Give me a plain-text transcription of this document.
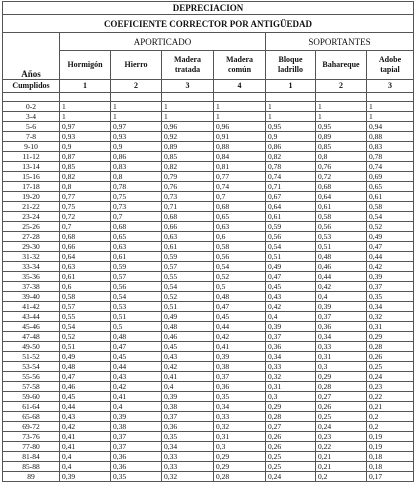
DEPRECIACION							
COEFICIENTE CORRECTOR POR ANTIGÜEDAD							
Años	APORTICADO				SOPORTANTES		
	Hormigón	Hierro	Madera tratada	Madera común	Bloque ladrillo	Bahareque	Adobe tapial
Cumplidos	1	2	3	4	1	2	3

0-2	1	1	1	1	1	1	1
3-4	1	1	1	1	1	1	1
5-6	0,97	0,97	0,96	0,96	0,95	0,95	0,94
7-8	0,93	0,93	0,92	0,91	0,9	0,89	0,88
9-10	0,9	0,9	0,89	0,88	0,86	0,85	0,83
11-12	0,87	0,86	0,85	0,84	0,82	0,8	0,78
13-14	0,85	0,83	0,82	0,81	0,78	0,76	0,74
15-16	0,82	0,8	0,79	0,77	0,74	0,72	0,69
17-18	0,8	0,78	0,76	0,74	0,71	0,68	0,65
19-20	0,77	0,75	0,73	0,7	0,67	0,64	0,61
21-22	0,75	0,73	0,71	0,68	0,64	0,61	0,58
23-24	0,72	0,7	0,68	0,65	0,61	0,58	0,54
25-26	0,7	0,68	0,66	0,63	0,59	0,56	0,52
27-28	0,68	0,65	0,63	0,6	0,56	0,53	0,49
29-30	0,66	0,63	0,61	0,58	0,54	0,51	0,47
31-32	0,64	0,61	0,59	0,56	0,51	0,48	0,44
33-34	0,63	0,59	0,57	0,54	0,49	0,46	0,42
35-36	0,61	0,57	0,55	0,52	0,47	0,44	0,39
37-38	0,6	0,56	0,54	0,5	0,45	0,42	0,37
39-40	0,58	0,54	0,52	0,48	0,43	0,4	0,35
41-42	0,57	0,53	0,51	0,47	0,42	0,39	0,34
43-44	0,55	0,51	0,49	0,45	0,4	0,37	0,32
45-46	0,54	0,5	0,48	0,44	0,39	0,36	0,31
47-48	0,52	0,48	0,46	0,42	0,37	0,34	0,29
49-50	0,51	0,47	0,45	0,41	0,36	0,33	0,28
51-52	0,49	0,45	0,43	0,39	0,34	0,31	0,26
53-54	0,48	0,44	0,42	0,38	0,33	0,3	0,25
55-56	0,47	0,43	0,41	0,37	0,32	0,29	0,24
57-58	0,46	0,42	0,4	0,36	0,31	0,28	0,23
59-60	0,45	0,41	0,39	0,35	0,3	0,27	0,22
61-64	0,44	0,4	0,38	0,34	0,29	0,26	0,21
65-68	0,43	0,39	0,37	0,33	0,28	0,25	0,2
69-72	0,42	0,38	0,36	0,32	0,27	0,24	0,2
73-76	0,41	0,37	0,35	0,31	0,26	0,23	0,19
77-80	0,41	0,37	0,34	0,3	0,26	0,22	0,19
81-84	0,4	0,36	0,33	0,29	0,25	0,21	0,18
85-88	0,4	0,36	0,33	0,29	0,25	0,21	0,18
89	0,39	0,35	0,32	0,28	0,24	0,2	0,17
